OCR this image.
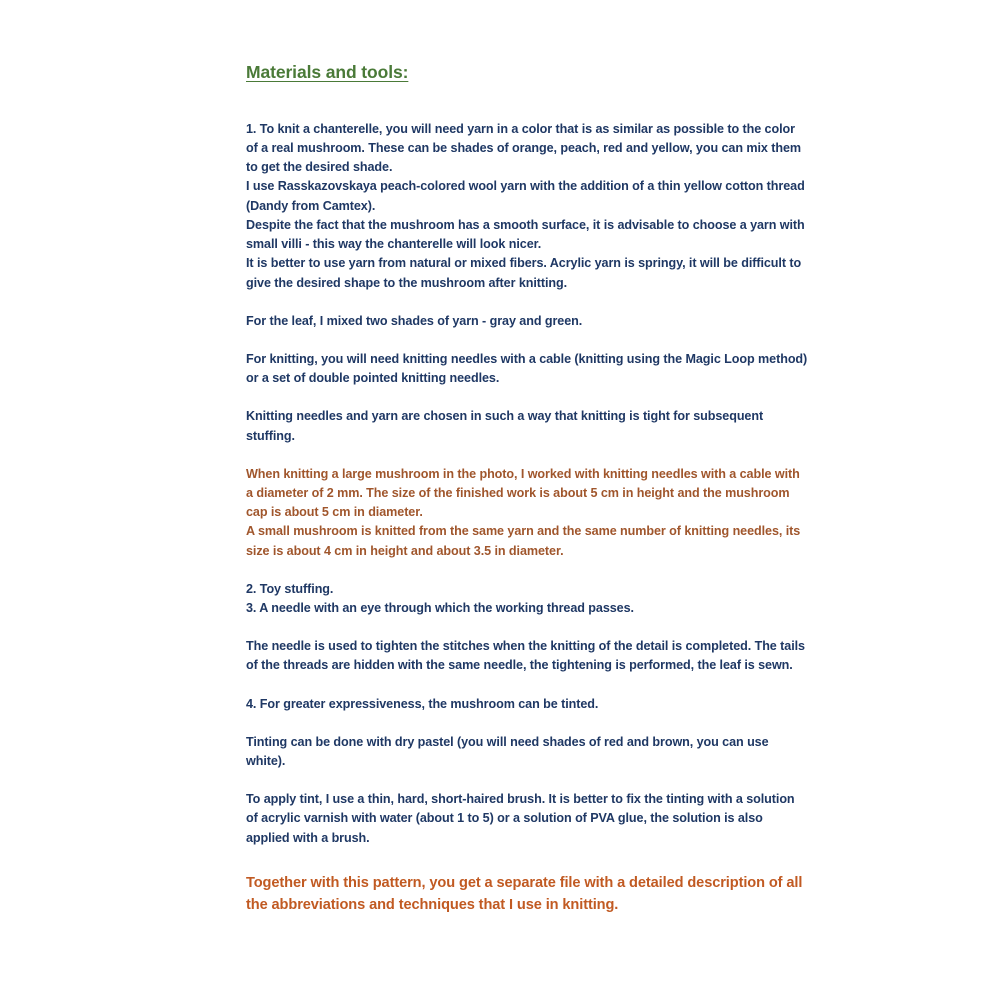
Materials and tools:

1. To knit a chanterelle, you will need yarn in a color that is as similar as possible to the color of a real mushroom. These can be shades of orange, peach, red and yellow, you can mix them to get the desired shade.

I use Rasskazovskaya peach-colored wool yarn with the addition of a thin yellow cotton thread (Dandy from Camtex).

Despite the fact that the mushroom has a smooth surface, it is advisable to choose a yarn with small villi - this way the chanterelle will look nicer.

It is better to use yarn from natural or mixed fibers. Acrylic yarn is springy, it will be difficult to give the desired shape to the mushroom after knitting.

For the leaf, I mixed two shades of yarn - gray and green.

For knitting, you will need knitting needles with a cable (knitting using the Magic Loop method) or a set of double pointed knitting needles.

Knitting needles and yarn are chosen in such a way that knitting is tight for subsequent stuffing.

When knitting a large mushroom in the photo, I worked with knitting needles with a cable with a diameter of 2 mm. The size of the finished work is about 5 cm in height and the mushroom cap is about 5 cm in diameter.

A small mushroom is knitted from the same yarn and the same number of knitting needles, its size is about 4 cm in height and about 3.5 in diameter.

2. Toy stuffing.

3. A needle with an eye through which the working thread passes.

The needle is used to tighten the stitches when the knitting of the detail is completed. The tails of the threads are hidden with the same needle, the tightening is performed, the leaf is sewn.

4. For greater expressiveness, the mushroom can be tinted.

Tinting can be done with dry pastel (you will need shades of red and brown, you can use white).

To apply tint, I use a thin, hard, short-haired brush. It is better to fix the tinting with a solution of acrylic varnish with water (about 1 to 5) or a solution of PVA glue, the solution is also applied with a brush.

Together with this pattern, you get a separate file with a detailed description of all the abbreviations and techniques that I use in knitting.
